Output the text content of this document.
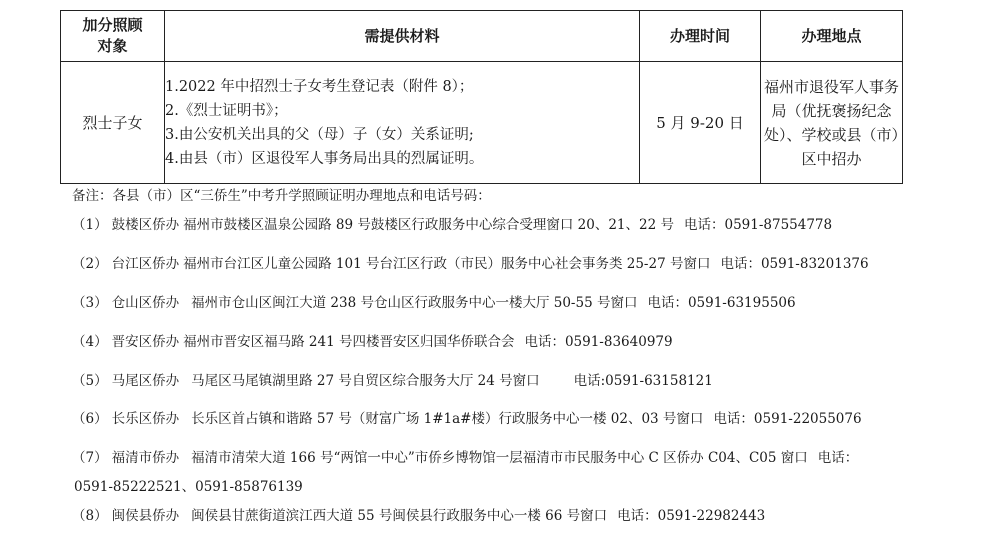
加分照顾对象	需提供材料	办理时间	办理地点
烈士子女	1.2022 年中招烈士子女考生登记表（附件 8）；
2.《烈士证明书》；
3.由公安机关出具的父（母）子（女）关系证明;
4.由县（市）区退役军人事务局出具的烈属证明。	5 月 9-20 日	福州市退役军人事务局（优抚褒扬纪念处）、学校或县（市）区中招办
备注：各县（市）区“三侨生”中考升学照顾证明办理地点和电话号码：
（1） 鼓楼区侨办 福州市鼓楼区温泉公园路 89 号鼓楼区行政服务中心综合受理窗口 20、21、22 号 电话：0591-87554778
（2） 台江区侨办 福州市台江区儿童公园路 101 号台江区行政（市民）服务中心社会事务类 25-27 号窗口 电话：0591-83201376
（3） 仓山区侨办 福州市仓山区闽江大道 238 号仓山区行政服务中心一楼大厅 50-55 号窗口 电话：0591-63195506
（4） 晋安区侨办 福州市晋安区福马路 241 号四楼晋安区归国华侨联合会 电话：0591-83640979
（5） 马尾区侨办 马尾区马尾镇湖里路 27 号自贸区综合服务大厅 24 号窗口	电话:0591-63158121
（6） 长乐区侨办 长乐区首占镇和谐路 57 号（财富广场 1#1a#楼）行政服务中心一楼 02、03 号窗口 电话：0591-22055076
（7） 福清市侨办 福清市清荣大道 166 号“两馆一中心”市侨乡博物馆一层福清市市民服务中心 C 区侨办 C04、C05 窗口 电话：
0591-85222521、0591-85876139
（8） 闽侯县侨办 闽侯县甘蔗街道滨江西大道 55 号闽侯县行政服务中心一楼 66 号窗口 电话：0591-22982443
